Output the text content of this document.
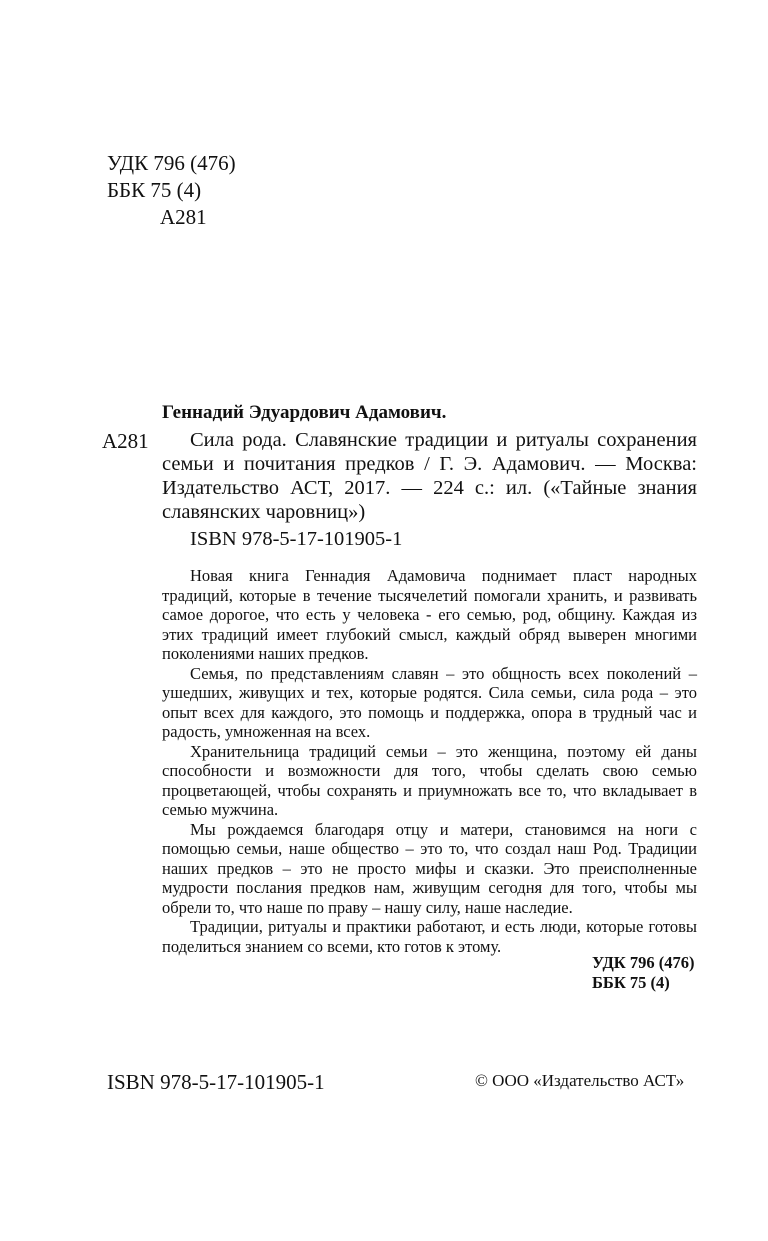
УДК 796 (476)
ББК 75 (4)
А281
Геннадий Эдуардович Адамович.
А281	Сила рода. Славянские традиции и ритуалы сохранения семьи и почитания предков / Г. Э. Адамович. — Москва: Издательство АСТ, 2017. — 224 с.: ил. («Тайные знания славянских чаровниц»)
ISBN 978-5-17-101905-1

Новая книга Геннадия Адамовича поднимает пласт народных традиций, которые в течение тысячелетий помогали хранить, и развивать самое дорогое, что есть у человека - его семью, род, общину. Каждая из этих традиций имеет глубокий смысл, каждый обряд выверен многими поколениями наших предков.

Семья, по представлениям славян – это общность всех поколений – ушедших, живущих и тех, которые родятся. Сила семьи, сила рода – это опыт всех для каждого, это помощь и поддержка, опора в трудный час и радость, умноженная на всех.

Хранительница традиций семьи – это женщина, поэтому ей даны способности и возможности для того, чтобы сделать свою семью процветающей, чтобы сохранять и приумножать все то, что вкладывает в семью мужчина.

Мы рождаемся благодаря отцу и матери, становимся на ноги с помощью семьи, наше общество – это то, что создал наш Род. Традиции наших предков – это не просто мифы и сказки. Это преисполненные мудрости послания предков нам, живущим сегодня для того, чтобы мы обрели то, что наше по праву – нашу силу, наше наследие.

Традиции, ритуалы и практики работают, и есть люди, которые готовы поделиться знанием со всеми, кто готов к этому.

УДК 796 (476)
ББК 75 (4)
ISBN 978-5-17-101905-1	© ООО «Издательство АСТ»
